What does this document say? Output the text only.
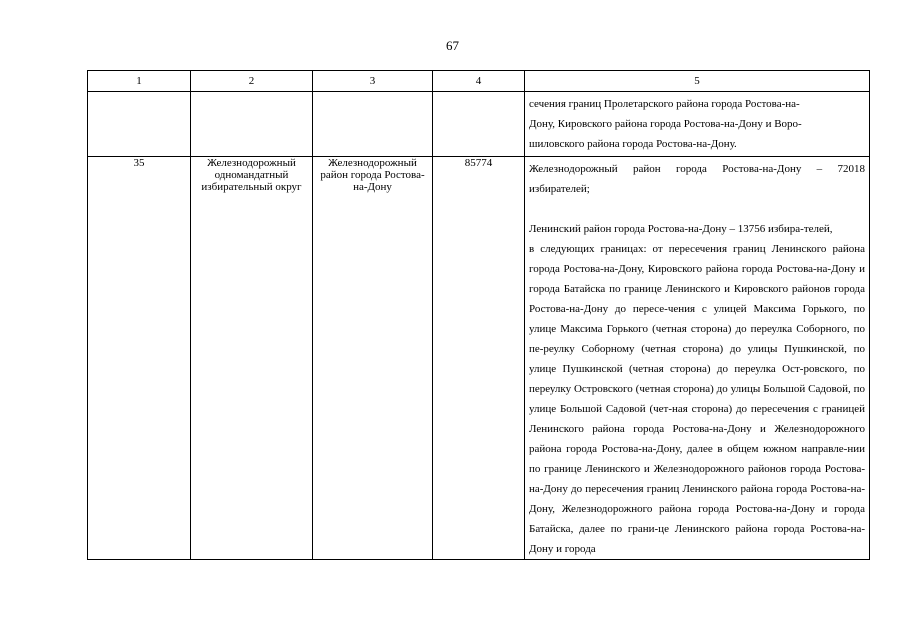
67
1	2	3	4	5

				сечения границ Пролетарского района города Ростова-на-
Дону, Кировского района города Ростова-на-Дону и Воро-
шиловского района города Ростова-на-Дону.

35	Железнодорожный одномандатный избирательный округ	Железнодорожный район города Ростова-на-Дону	85774	Железнодорожный район города Ростова-на-Дону – 72018 избирателей;

Ленинский район города Ростова-на-Дону – 13756 избира-телей,

в следующих границах: от пересечения границ Ленинского района города Ростова-на-Дону, Кировского района города Ростова-на-Дону и города Батайска по границе Ленинского и Кировского районов города Ростова-на-Дону до пересе-чения с улицей Максима Горького, по улице Максима Горького (четная сторона) до переулка Соборного, по пе-реулку Соборному (четная сторона) до улицы Пушкинской, по улице Пушкинской (четная сторона) до переулка Ост-ровского, по переулку Островского (четная сторона) до улицы Большой Садовой, по улице Большой Садовой (чет-ная сторона) до пересечения с границей Ленинского района города Ростова-на-Дону и Железнодорожного района города Ростова-на-Дону, далее в общем южном направле-нии по границе Ленинского и Железнодорожного районов города Ростова-на-Дону до пересечения границ Ленинского района города Ростова-на-Дону, Железнодорожного района города Ростова-на-Дону и города Батайска, далее по грани-це Ленинского района города Ростова-на-Дону и города
